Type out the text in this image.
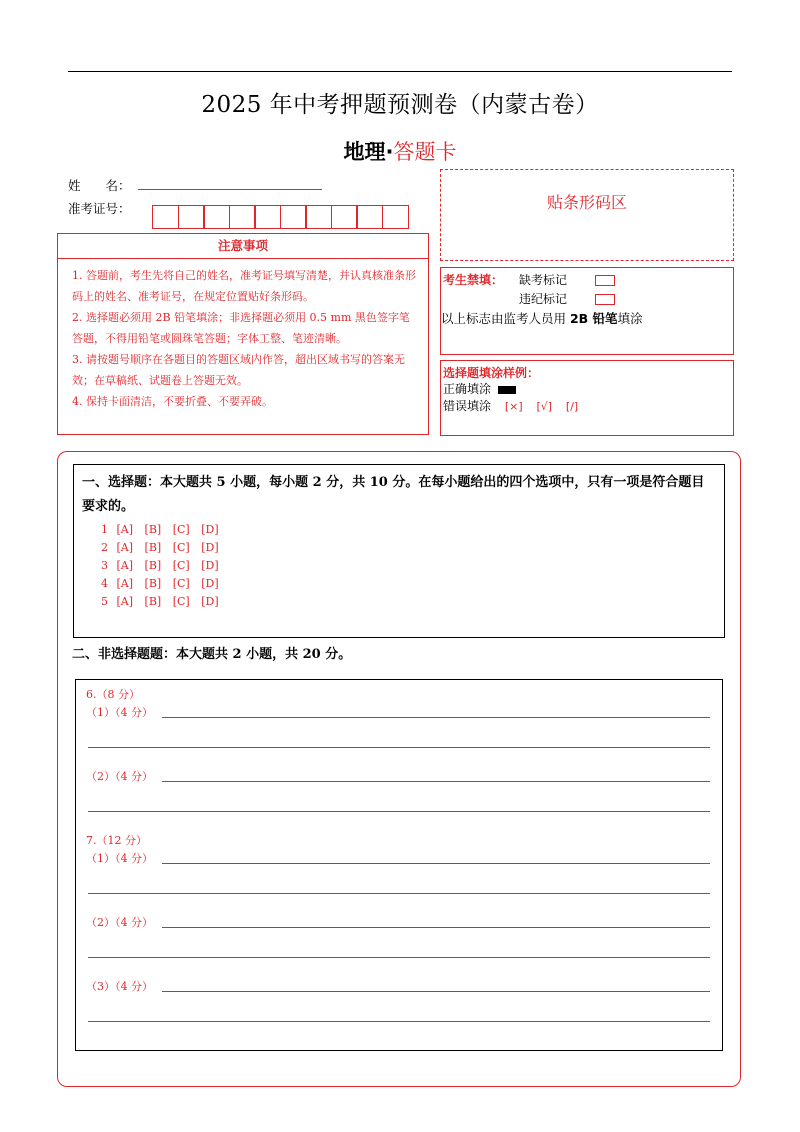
2025 年中考押题预测卷（内蒙古卷）
地理·答题卡
姓　　名：
准考证号：
注意事项
1. 答题前，考生先将自己的姓名，准考证号填写清楚，并认真核准条形码上的姓名、准考证号，在规定位置贴好条形码。
2. 选择题必须用 2B 铅笔填涂；非选择题必须用 0.5 mm 黑色签字笔答题，不得用铅笔或圆珠笔答题；字体工整、笔迹清晰。
3. 请按题号顺序在各题目的答题区域内作答，超出区域书写的答案无效；在草稿纸、试题卷上答题无效。
4. 保持卡面清洁，不要折叠、不要弄破。
贴条形码区
考生禁填： 缺考标记
违纪标记
以上标志由监考人员用 2B 铅笔填涂
选择题填涂样例：
正确填涂
错误填涂 [×] [√] [/]
一、选择题：本大题共 5 小题，每小题 2 分，共 10 分。在每小题给出的四个选项中，只有一项是符合题目要求的。
1 [A] [B] [C] [D]
2 [A] [B] [C] [D]
3 [A] [B] [C] [D]
4 [A] [B] [C] [D]
5 [A] [B] [C] [D]
二、非选择题题：本大题共 2 小题，共 20 分。
6.（8 分）
（1）（4 分）
（2）（4 分）
7.（12 分）
（1）（4 分）
（2）（4 分）
（3）（4 分）
